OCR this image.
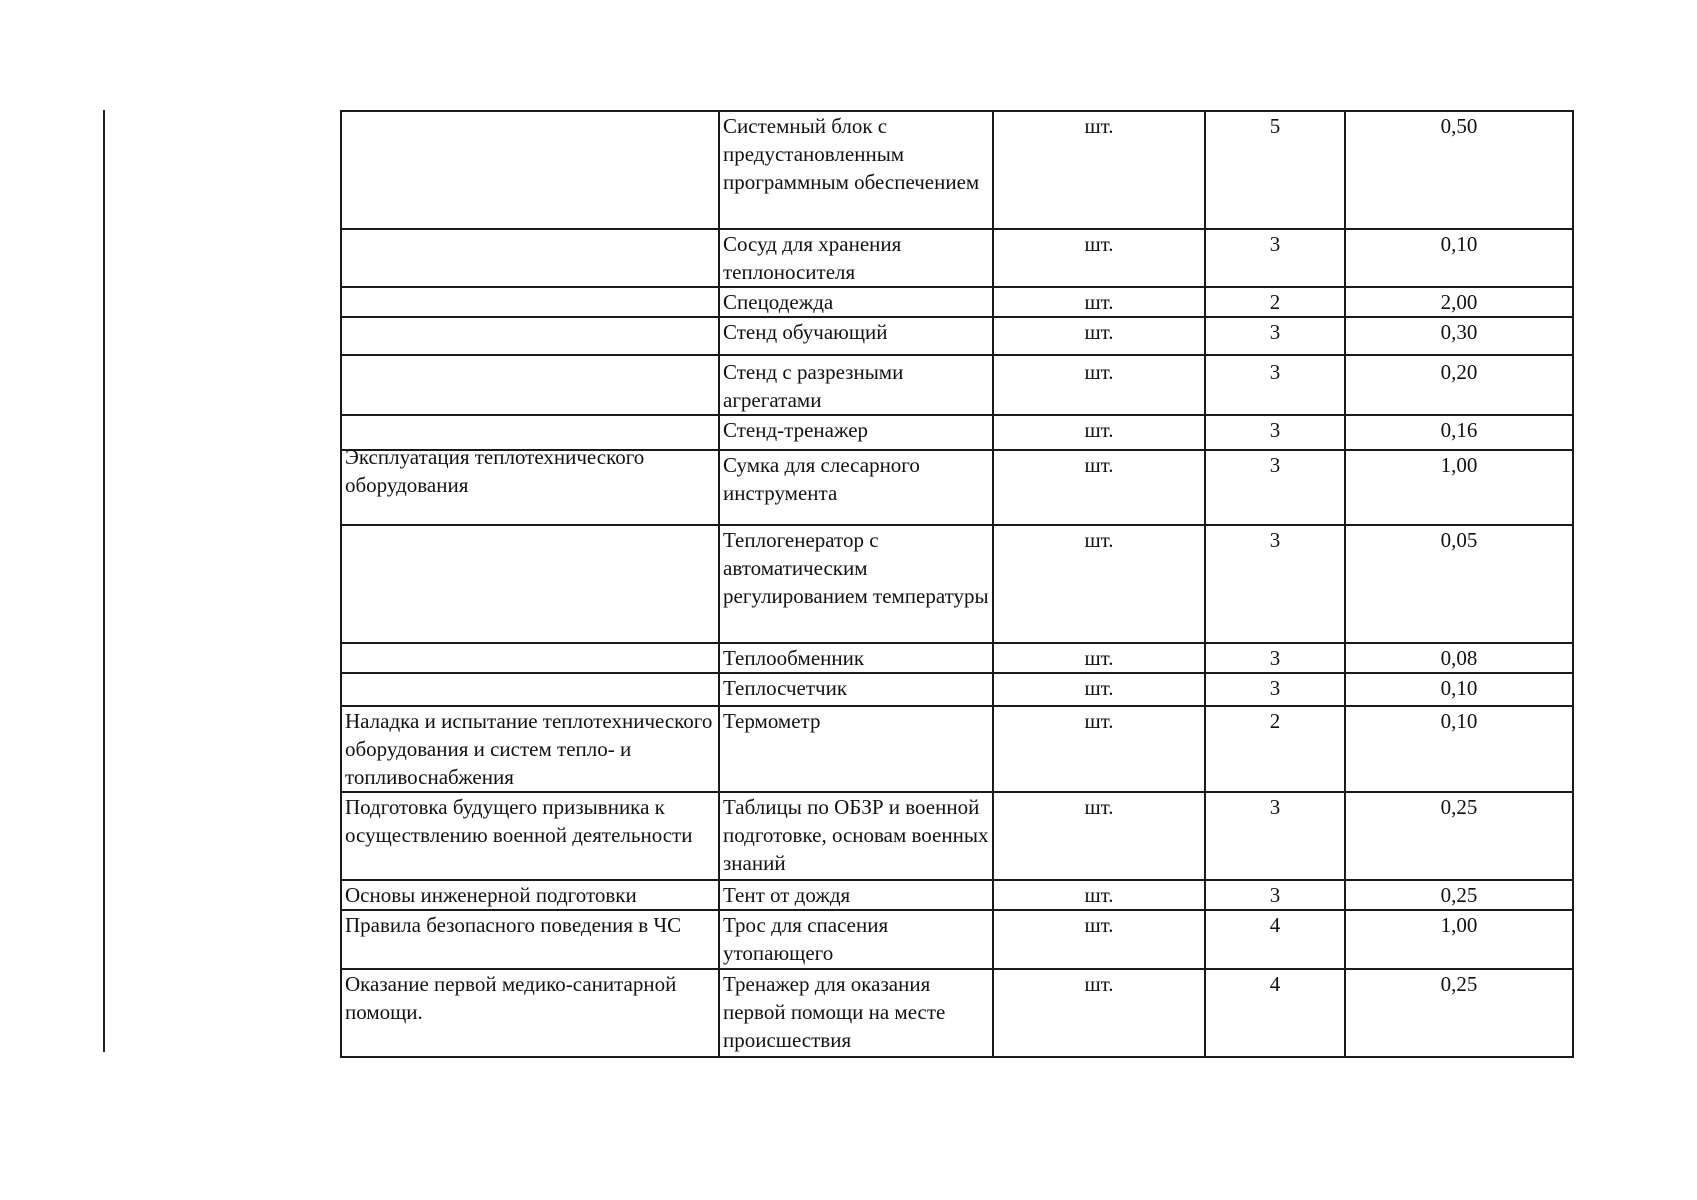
	Системный блок с предустановленным программным обеспечением	шт.	5	0,50
	Сосуд для хранения теплоносителя	шт.	3	0,10
	Спецодежда	шт.	2	2,00
	Стенд обучающий	шт.	3	0,30
	Стенд с разрезными агрегатами	шт.	3	0,20
	Стенд-тренажер	шт.	3	0,16

Эксплуатация теплотехнического оборудования	Сумка для слесарного инструмента	шт.	3	1,00
	Теплогенератор с автоматическим регулированием температуры	шт.	3	0,05
	Теплообменник	шт.	3	0,08
	Теплосчетчик	шт.	3	0,10
Наладка и испытание теплотехнического оборудования и систем тепло- и топливоснабжения	Термометр	шт.	2	0,10
Подготовка будущего призывника к осуществлению военной деятельности	Таблицы по ОБЗР и военной подготовке, основам военных знаний	шт.	3	0,25
Основы инженерной подготовки	Тент от дождя	шт.	3	0,25
Правила безопасного поведения в ЧС	Трос для спасения утопающего	шт.	4	1,00
Оказание первой медико-санитарной помощи.	Тренажер для оказания первой помощи на месте происшествия	шт.	4	0,25
